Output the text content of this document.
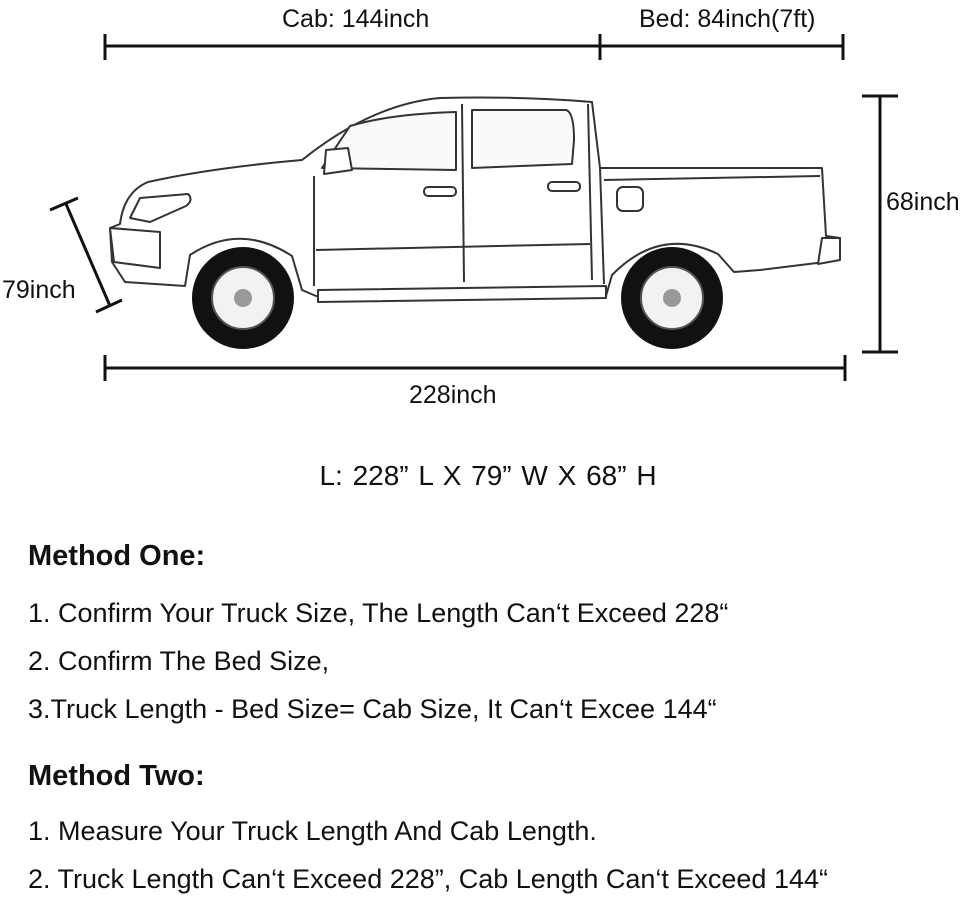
Cab: 144inch	Bed: 84inch(7ft)
68inch
79inch
228inch
L: 228” L X 79” W X 68” H
Method One:
1. Confirm Your Truck Size, The Length Can‘t Exceed 228“
2. Confirm The Bed Size,
3.Truck Length - Bed Size= Cab Size, It Can‘t Excee 144“
Method Two:
1. Measure Your Truck Length And Cab Length.
2. Truck Length Can‘t Exceed 228”, Cab Length Can‘t Exceed 144“
